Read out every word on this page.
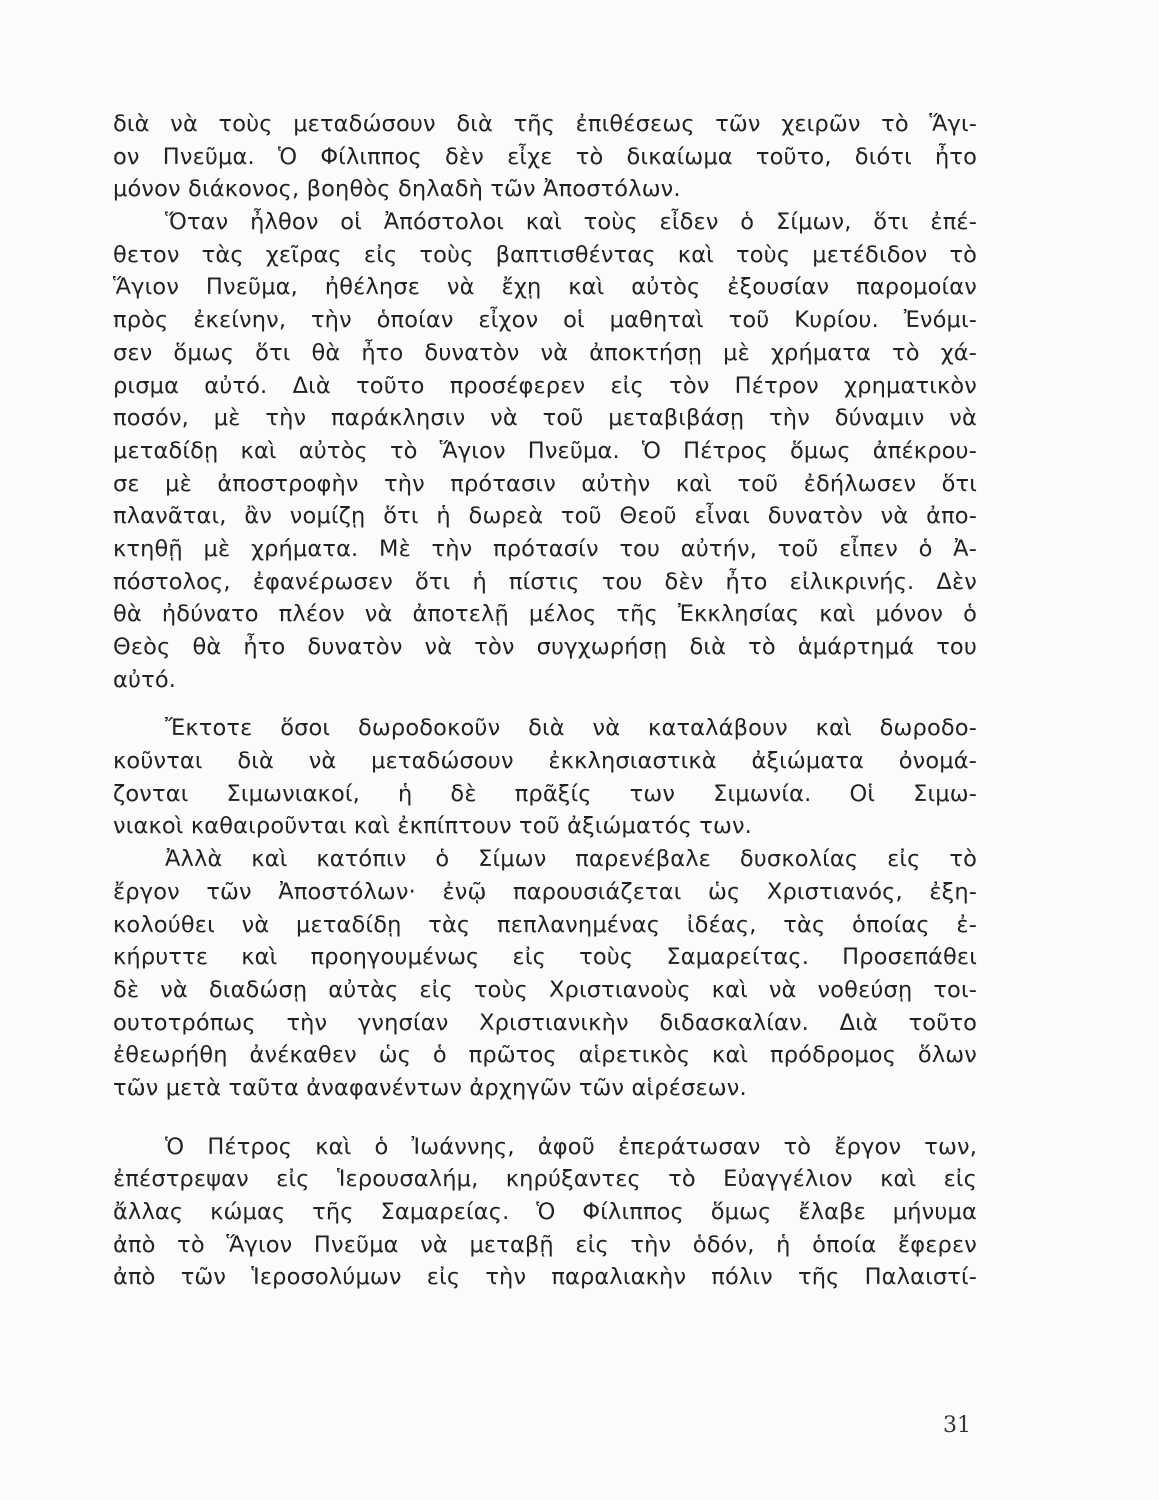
διὰ νὰ τοὺς μεταδώσουν διὰ τῆς ἐπιθέσεως τῶν χειρῶν τὸ Ἅγι-
ον Πνεῦμα. Ὁ Φίλιππος δὲν εἶχε τὸ δικαίωμα τοῦτο, διότι ἦτο
μόνον διάκονος, βοηθὸς δηλαδὴ τῶν Ἀποστόλων.
Ὅταν ἦλθον οἱ Ἀπόστολοι καὶ τοὺς εἶδεν ὁ Σίμων, ὅτι ἐπέ-
θετον τὰς χεῖρας εἰς τοὺς βαπτισθέντας καὶ τοὺς μετέδιδον τὸ
Ἅγιον Πνεῦμα, ἠθέλησε νὰ ἔχῃ καὶ αὐτὸς ἐξουσίαν παρομοίαν
πρὸς ἐκείνην, τὴν ὁποίαν εἶχον οἱ μαθηταὶ τοῦ Κυρίου. Ἐνόμι-
σεν ὅμως ὅτι θὰ ἦτο δυνατὸν νὰ ἀποκτήσῃ μὲ χρήματα τὸ χά-
ρισμα αὐτό. Διὰ τοῦτο προσέφερεν εἰς τὸν Πέτρον χρηματικὸν
ποσόν, μὲ τὴν παράκλησιν νὰ τοῦ μεταβιβάσῃ τὴν δύναμιν νὰ
μεταδίδῃ καὶ αὐτὸς τὸ Ἅγιον Πνεῦμα. Ὁ Πέτρος ὅμως ἀπέκρου-
σε μὲ ἀποστροφὴν τὴν πρότασιν αὐτὴν καὶ τοῦ ἐδήλωσεν ὅτι
πλανᾶται, ἂν νομίζῃ ὅτι ἡ δωρεὰ τοῦ Θεοῦ εἶναι δυνατὸν νὰ ἀπο-
κτηθῇ μὲ χρήματα. Μὲ τὴν πρότασίν του αὐτήν, τοῦ εἶπεν ὁ Ἀ-
πόστολος, ἐφανέρωσεν ὅτι ἡ πίστις του δὲν ἦτο εἰλικρινής. Δὲν
θὰ ἠδύνατο πλέον νὰ ἀποτελῇ μέλος τῆς Ἐκκλησίας καὶ μόνον ὁ
Θεὸς θὰ ἦτο δυνατὸν νὰ τὸν συγχωρήσῃ διὰ τὸ ἁμάρτημά του
αὐτό.
Ἔκτοτε ὅσοι δωροδοκοῦν διὰ νὰ καταλάβουν καὶ δωροδο-
κοῦνται διὰ νὰ μεταδώσουν ἐκκλησιαστικὰ ἀξιώματα ὀνομά-
ζονται Σιμωνιακοί, ἡ δὲ πρᾶξίς των Σιμωνία. Οἱ Σιμω-
νιακοὶ καθαιροῦνται καὶ ἐκπίπτουν τοῦ ἀξιώματός των.
Ἀλλὰ καὶ κατόπιν ὁ Σίμων παρενέβαλε δυσκολίας εἰς τὸ
ἔργον τῶν Ἀποστόλων· ἐνῷ παρουσιάζεται ὡς Χριστιανός, ἐξη-
κολούθει νὰ μεταδίδῃ τὰς πεπλανημένας ἰδέας, τὰς ὁποίας ἐ-
κήρυττε καὶ προηγουμένως εἰς τοὺς Σαμαρείτας. Προσεπάθει
δὲ νὰ διαδώσῃ αὐτὰς εἰς τοὺς Χριστιανοὺς καὶ νὰ νοθεύσῃ τοι-
ουτοτρόπως τὴν γνησίαν Χριστιανικὴν διδασκαλίαν. Διὰ τοῦτο
ἐθεωρήθη ἀνέκαθεν ὡς ὁ πρῶτος αἱρετικὸς καὶ πρόδρομος ὅλων
τῶν μετὰ ταῦτα ἀναφανέντων ἀρχηγῶν τῶν αἱρέσεων.
Ὁ Πέτρος καὶ ὁ Ἰωάννης, ἀφοῦ ἐπεράτωσαν τὸ ἔργον των,
ἐπέστρεψαν εἰς Ἱερουσαλήμ, κηρύξαντες τὸ Εὐαγγέλιον καὶ εἰς
ἄλλας κώμας τῆς Σαμαρείας. Ὁ Φίλιππος ὅμως ἔλαβε μήνυμα
ἀπὸ τὸ Ἅγιον Πνεῦμα νὰ μεταβῇ εἰς τὴν ὁδόν, ἡ ὁποία ἔφερεν
ἀπὸ τῶν Ἱεροσολύμων εἰς τὴν παραλιακὴν πόλιν τῆς Παλαιστί-
31
